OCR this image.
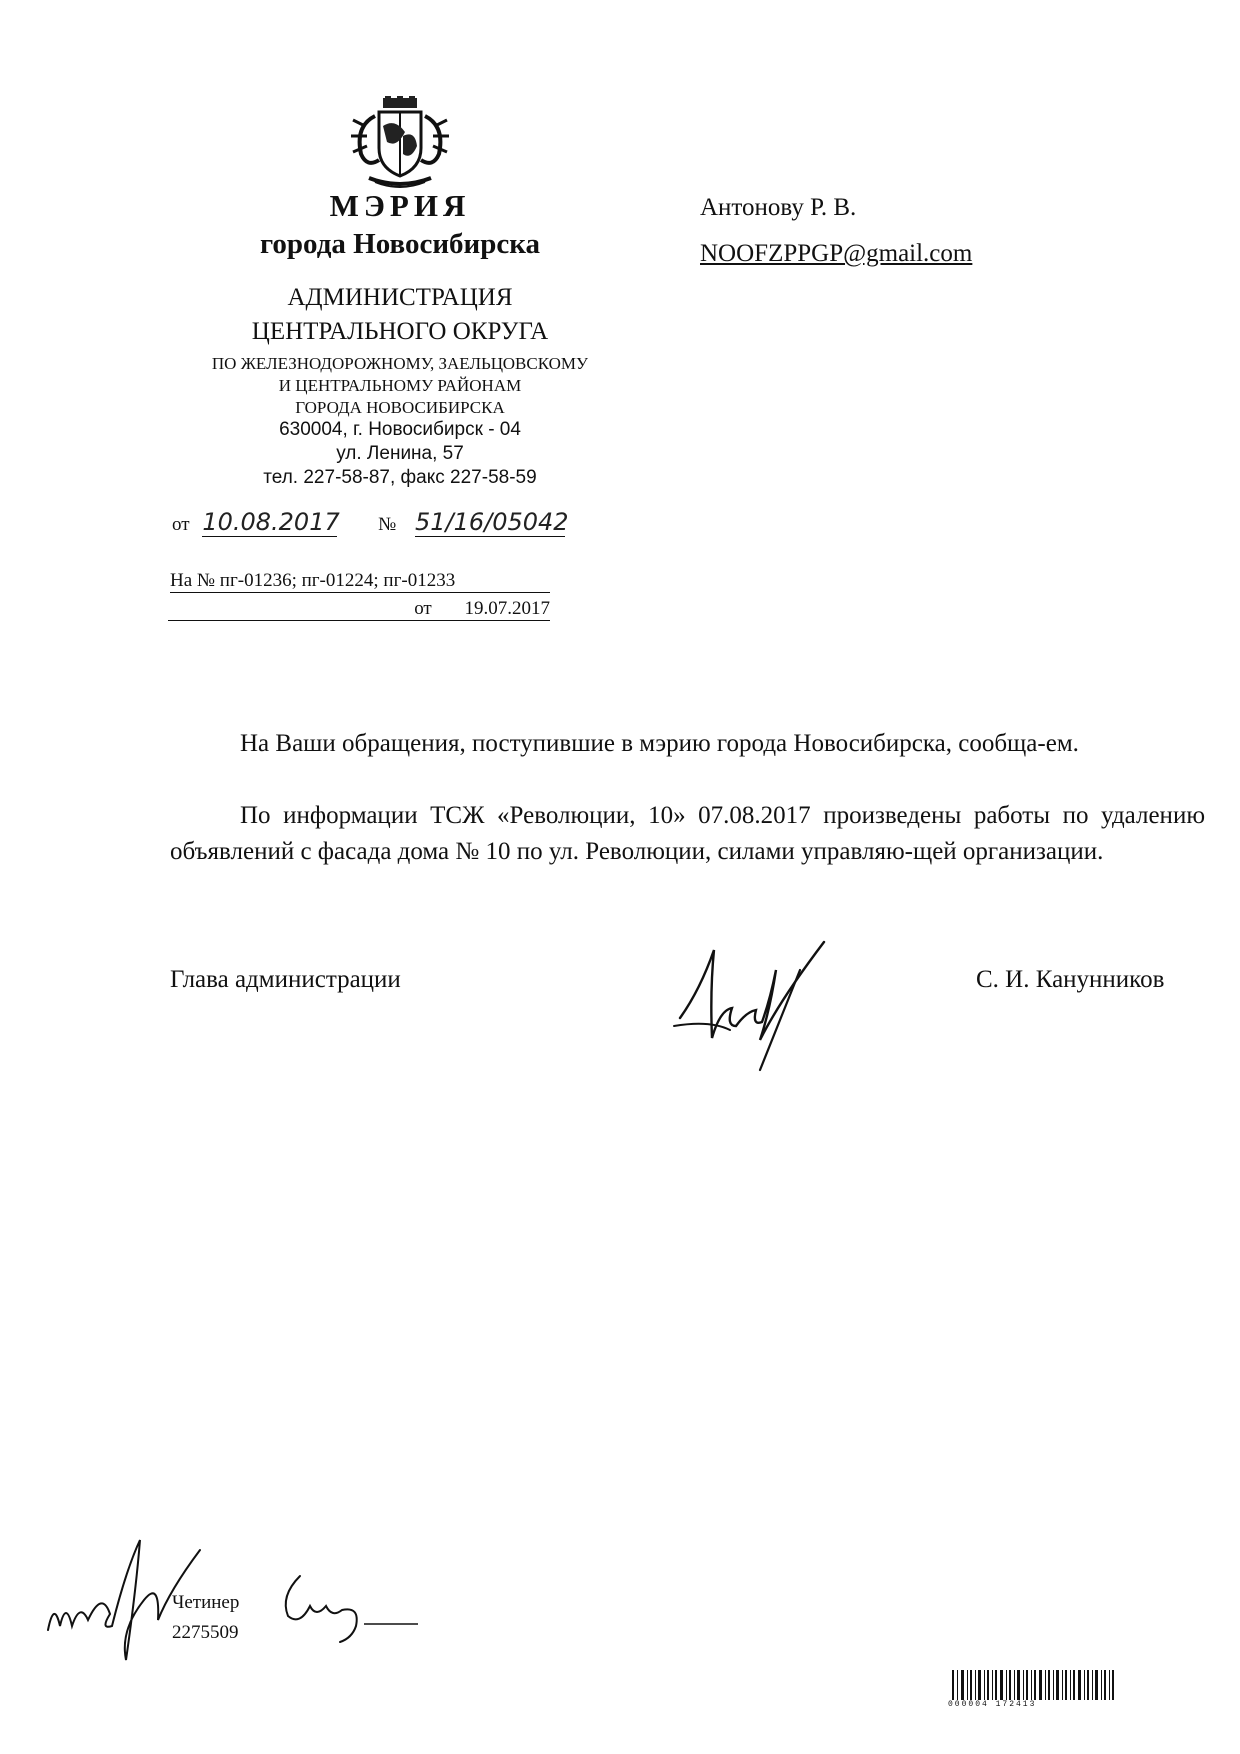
МЭРИЯ
города Новосибирска
АДМИНИСТРАЦИЯ
ЦЕНТРАЛЬНОГО ОКРУГА
ПО ЖЕЛЕЗНОДОРОЖНОМУ, ЗАЕЛЬЦОВСКОМУ
И ЦЕНТРАЛЬНОМУ РАЙОНАМ
ГОРОДА НОВОСИБИРСКА
630004, г. Новосибирск - 04
ул. Ленина, 57
тел. 227-58-87, факс 227-58-59
Антонову Р. В.
NOOFZPPGP@gmail.com
от 10.08.2017 № 51/16/05042
На № пг-01236; пг-01224; пг-01233
от 19.07.2017
На Ваши обращения, поступившие в мэрию города Новосибирска, сообща-ем.
По информации ТСЖ «Революции, 10» 07.08.2017 произведены работы по удалению объявлений с фасада дома № 10 по ул. Революции, силами управляю-щей организации.
Глава администрации	С. И. Канунников
Четинер
2275509
000004 172413
